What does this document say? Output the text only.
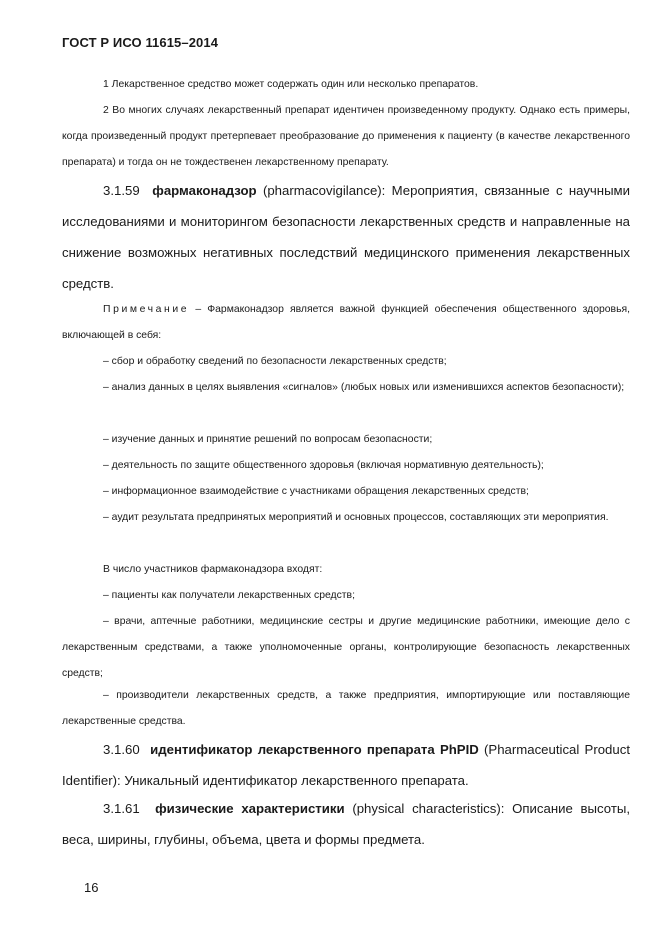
ГОСТ Р ИСО 11615–2014
1 Лекарственное средство может содержать один или несколько препаратов.
2 Во многих случаях лекарственный препарат идентичен произведенному продукту. Однако есть примеры, когда произведенный продукт претерпевает преобразование до применения к пациенту (в качестве лекарственного препарата) и тогда он не тождественен лекарственному препарату.
3.1.59 фармаконадзор (pharmacovigilance): Мероприятия, связанные с научными исследованиями и мониторингом безопасности лекарственных средств и направленные на снижение возможных негативных последствий медицинского применения лекарственных средств.
Примечание – Фармаконадзор является важной функцией обеспечения общественного здоровья, включающей в себя:
– сбор и обработку сведений по безопасности лекарственных средств;
– анализ данных в целях выявления «сигналов» (любых новых или изменившихся аспектов безопасности);
– изучение данных и принятие решений по вопросам безопасности;
– деятельность по защите общественного здоровья (включая нормативную деятельность);
– информационное взаимодействие с участниками обращения лекарственных средств;
– аудит результата предпринятых мероприятий и основных процессов, составляющих эти мероприятия.
В число участников фармаконадзора входят:
– пациенты как получатели лекарственных средств;
– врачи, аптечные работники, медицинские сестры и другие медицинские работники, имеющие дело с лекарственным средствами, а также уполномоченные органы, контролирующие безопасность лекарственных средств;
– производители лекарственных средств, а также предприятия, импортирующие или поставляющие лекарственные средства.
3.1.60 идентификатор лекарственного препарата PhPID (Pharmaceutical Product Identifier): Уникальный идентификатор лекарственного препарата.
3.1.61 физические характеристики (physical characteristics): Описание высоты, веса, ширины, глубины, объема, цвета и формы предмета.
16
